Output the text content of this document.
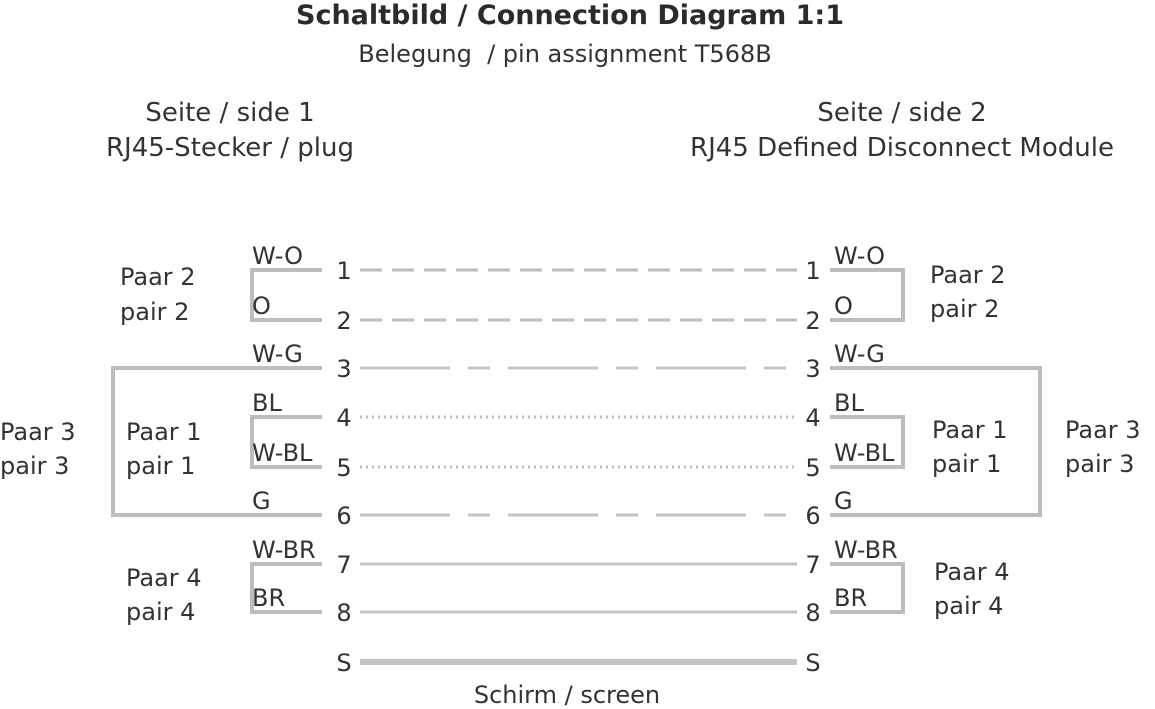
Schaltbild / Connection Diagram 1:1
Belegung  / pin assignment T568B
Seite / side 1
RJ45-Stecker / plug
Seite / side 2
RJ45 Defined Disconnect Module
Paar 2
pair 2
Paar 1
pair 1
Paar 3
pair 3
Paar 4
pair 4
Paar 2
pair 2
Paar 1
pair 1
Paar 3
pair 3
Paar 4
pair 4
1	1
W-O	W-O
2	2
O	O
3	3
W-G	W-G
4	4
BL	BL
5	5
W-BL	W-BL
6	6
G	G
7	7
W-BR	W-BR
8	8
BR	BR
S	S
Schirm / screen
